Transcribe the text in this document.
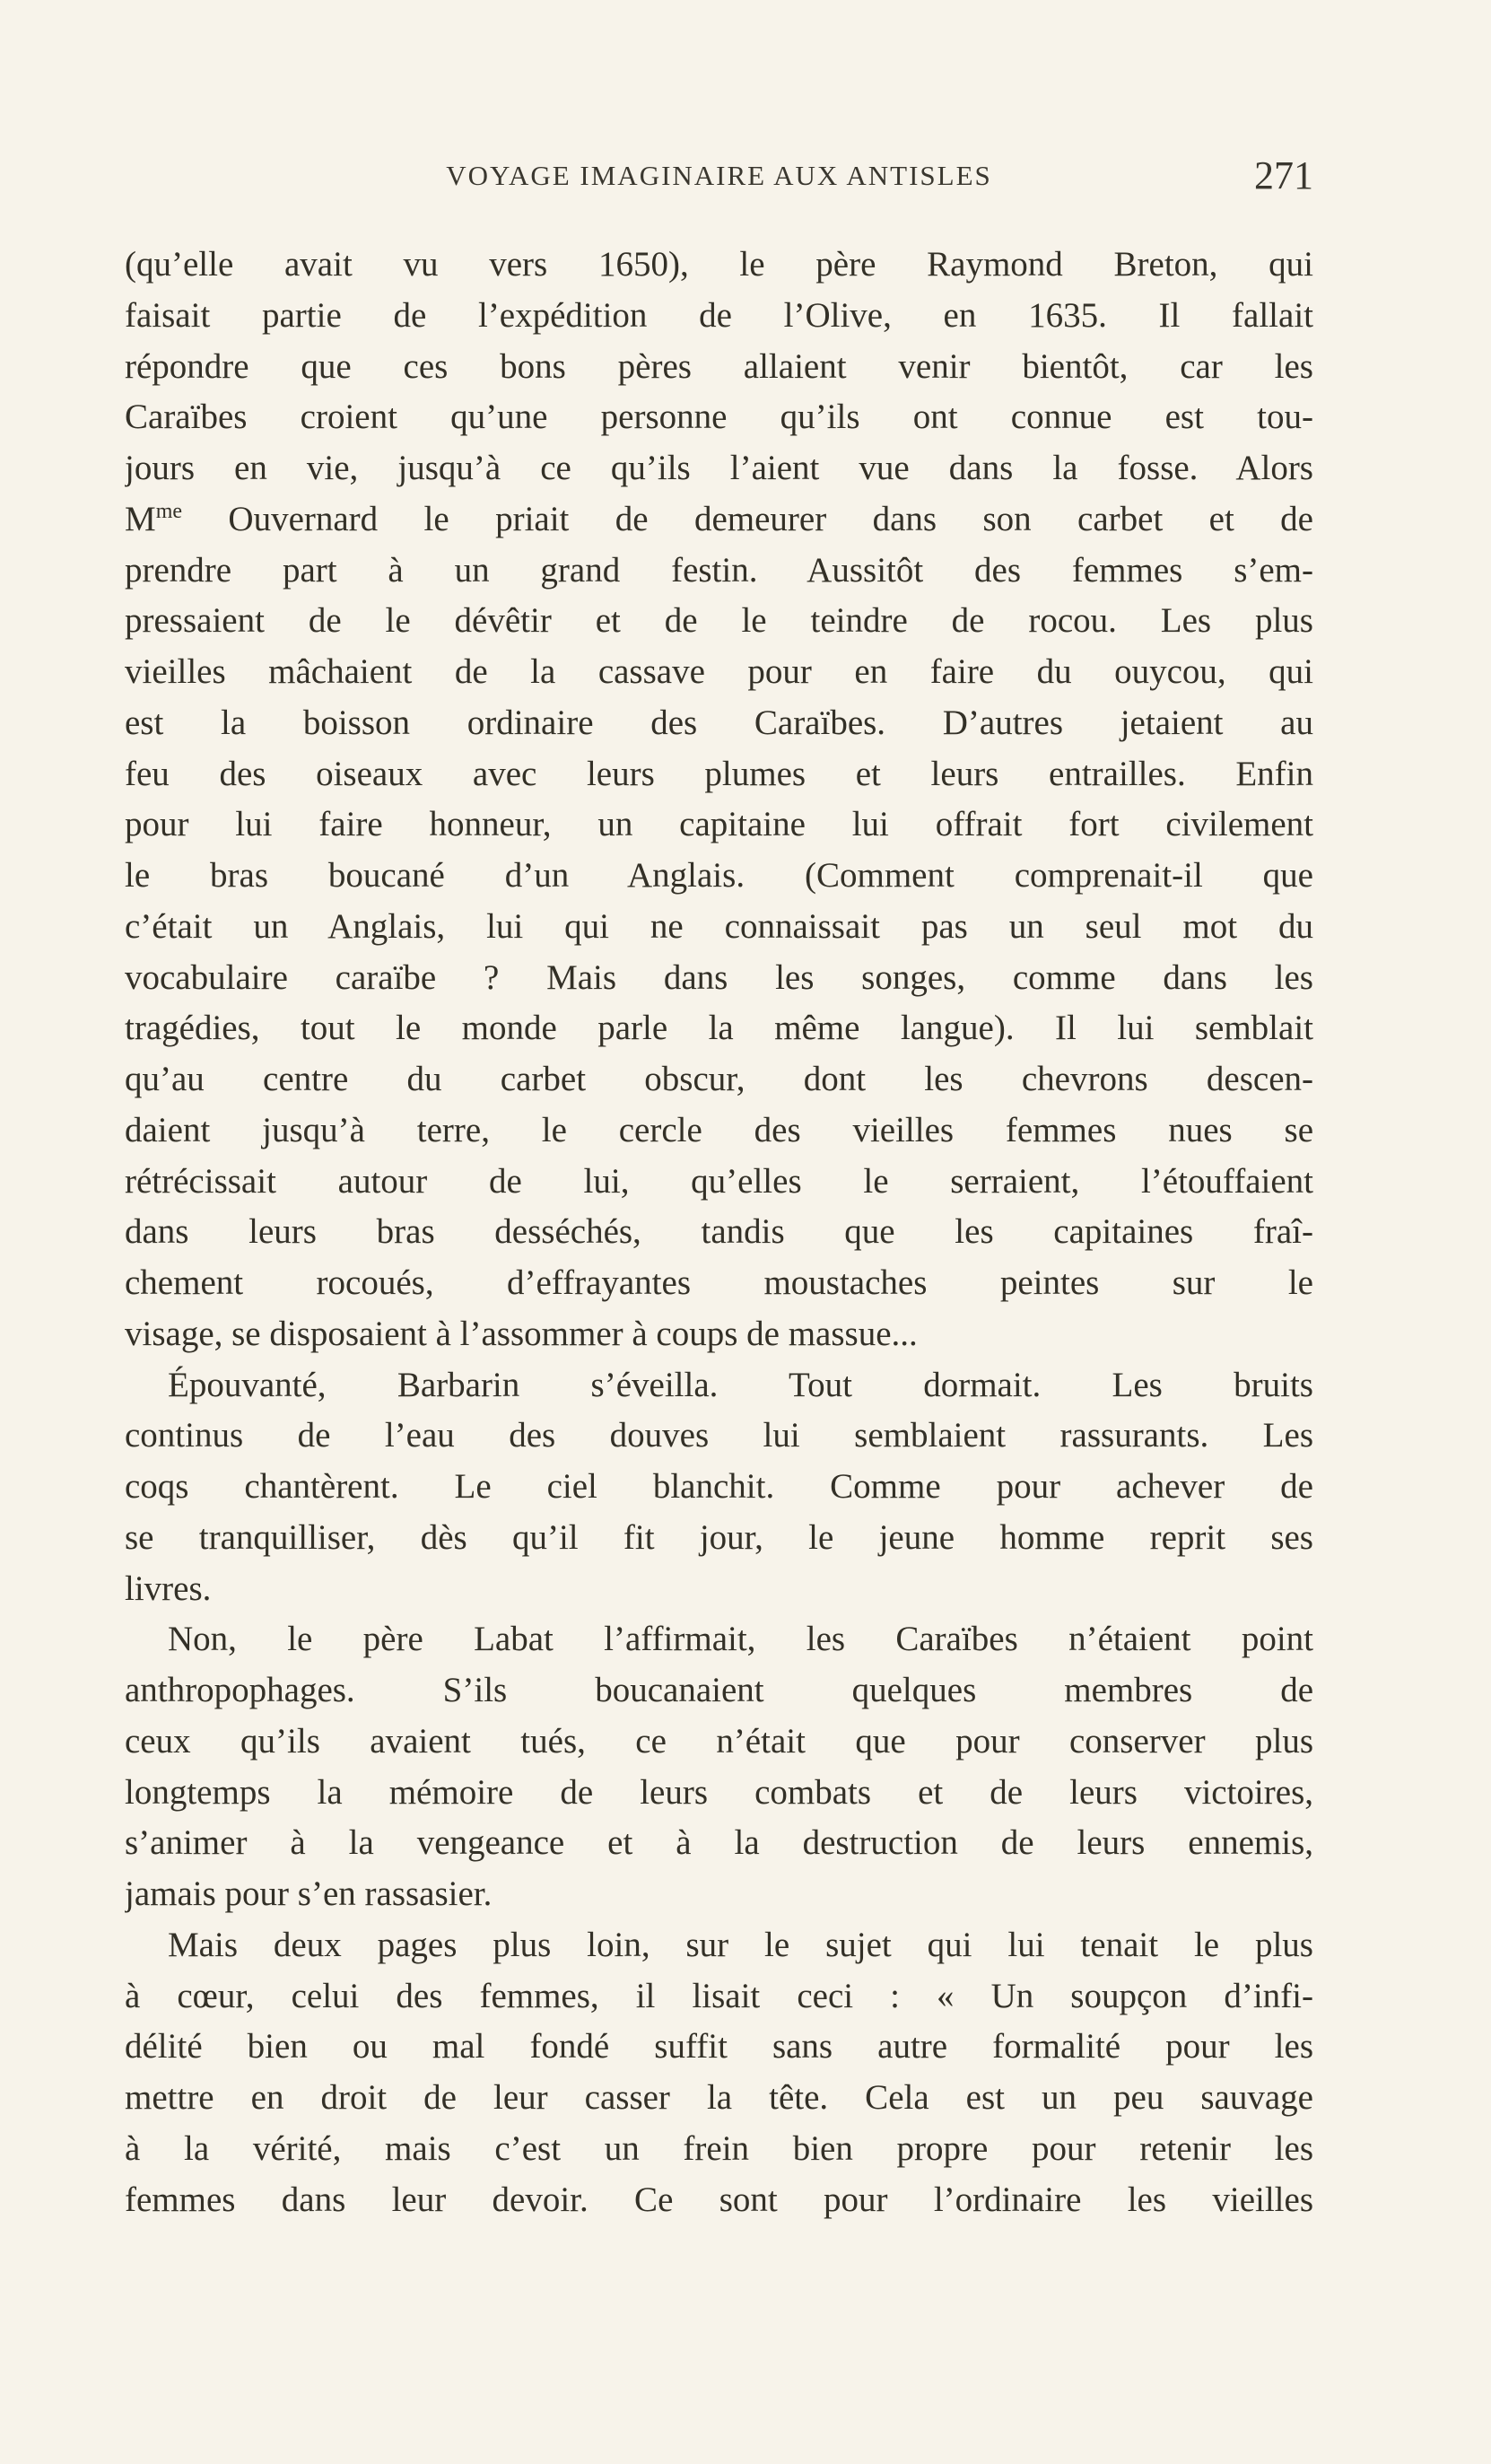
VOYAGE IMAGINAIRE AUX ANTISLES	271
(qu’elle avait vu vers 1650), le père Raymond Breton, qui
faisait partie de l’expédition de l’Olive, en 1635. Il fallait
répondre que ces bons pères allaient venir bientôt, car les
Caraïbes croient qu’une personne qu’ils ont connue est tou-
jours en vie, jusqu’à ce qu’ils l’aient vue dans la fosse. Alors
$M^{me}$ Ouvernard le priait de demeurer dans son carbet et de
prendre part à un grand festin. Aussitôt des femmes s’em-
pressaient de le dévêtir et de le teindre de rocou. Les plus
vieilles mâchaient de la cassave pour en faire du ouycou, qui
est la boisson ordinaire des Caraïbes. D’autres jetaient au
feu des oiseaux avec leurs plumes et leurs entrailles. Enfin
pour lui faire honneur, un capitaine lui offrait fort civilement
le bras boucané d’un Anglais. (Comment comprenait-il que
c’était un Anglais, lui qui ne connaissait pas un seul mot du
vocabulaire caraïbe ? Mais dans les songes, comme dans les
tragédies, tout le monde parle la même langue). Il lui semblait
qu’au centre du carbet obscur, dont les chevrons descen-
daient jusqu’à terre, le cercle des vieilles femmes nues se
rétrécissait autour de lui, qu’elles le serraient, l’étouffaient
dans leurs bras desséchés, tandis que les capitaines fraî-
chement rocoués, d’effrayantes moustaches peintes sur le
visage, se disposaient à l’assommer à coups de massue...
Épouvanté, Barbarin s’éveilla. Tout dormait. Les bruits
continus de l’eau des douves lui semblaient rassurants. Les
coqs chantèrent. Le ciel blanchit. Comme pour achever de
se tranquilliser, dès qu’il fit jour, le jeune homme reprit ses
livres.
Non, le père Labat l’affirmait, les Caraïbes n’étaient point
anthropophages. S’ils boucanaient quelques membres de
ceux qu’ils avaient tués, ce n’était que pour conserver plus
longtemps la mémoire de leurs combats et de leurs victoires,
s’animer à la vengeance et à la destruction de leurs ennemis,
jamais pour s’en rassasier.
Mais deux pages plus loin, sur le sujet qui lui tenait le plus
à cœur, celui des femmes, il lisait ceci : « Un soupçon d’infi-
délité bien ou mal fondé suffit sans autre formalité pour les
mettre en droit de leur casser la tête. Cela est un peu sauvage
à la vérité, mais c’est un frein bien propre pour retenir les
femmes dans leur devoir. Ce sont pour l’ordinaire les vieilles
